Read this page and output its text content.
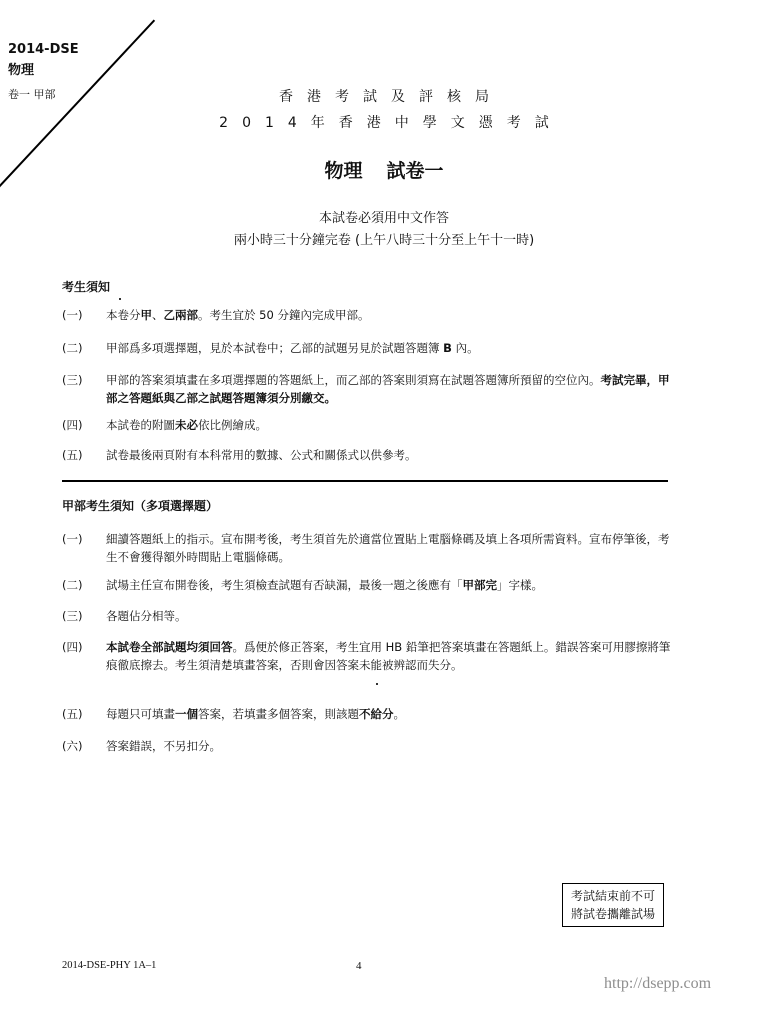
2014-DSE
物理
卷一 甲部	香港考試及評核局
2014年香港中學文憑考試
物理 試卷一
本試卷必須用中文作答
兩小時三十分鐘完卷 (上午八時三十分至上午十一時)
考生須知
(一)	本卷分甲、乙兩部。考生宜於 50 分鐘內完成甲部。
(二)	甲部爲多項選擇題，見於本試卷中；乙部的試題另見於試題答題簿 B 內。
(三)	甲部的答案須填畫在多項選擇題的答題紙上，而乙部的答案則須寫在試題答題簿所預留的空位內。考試完畢，甲部之答題紙與乙部之試題答題簿須分別繳交。
(四)	本試卷的附圖未必依比例繪成。
(五)	試卷最後兩頁附有本科常用的數據、公式和關係式以供參考。
甲部考生須知（多項選擇題）
(一)	細讀答題紙上的指示。宣布開考後，考生須首先於適當位置貼上電腦條碼及填上各項所需資料。宣布停筆後，考生不會獲得額外時間貼上電腦條碼。
(二)	試場主任宣布開卷後，考生須檢查試題有否缺漏，最後一題之後應有「甲部完」字樣。
(三)	各題佔分相等。
(四)	本試卷全部試題均須回答。爲便於修正答案，考生宜用 HB 鉛筆把答案填畫在答題紙上。錯誤答案可用膠擦將筆痕徹底擦去。考生須清楚填畫答案，否則會因答案未能被辨認而失分。
(五)	每題只可填畫一個答案，若填畫多個答案，則該題不給分。
(六)	答案錯誤，不另扣分。
考試結束前不可
將試卷攜離試場
2014-DSE-PHY 1A–1	4
http://dsepp.com
